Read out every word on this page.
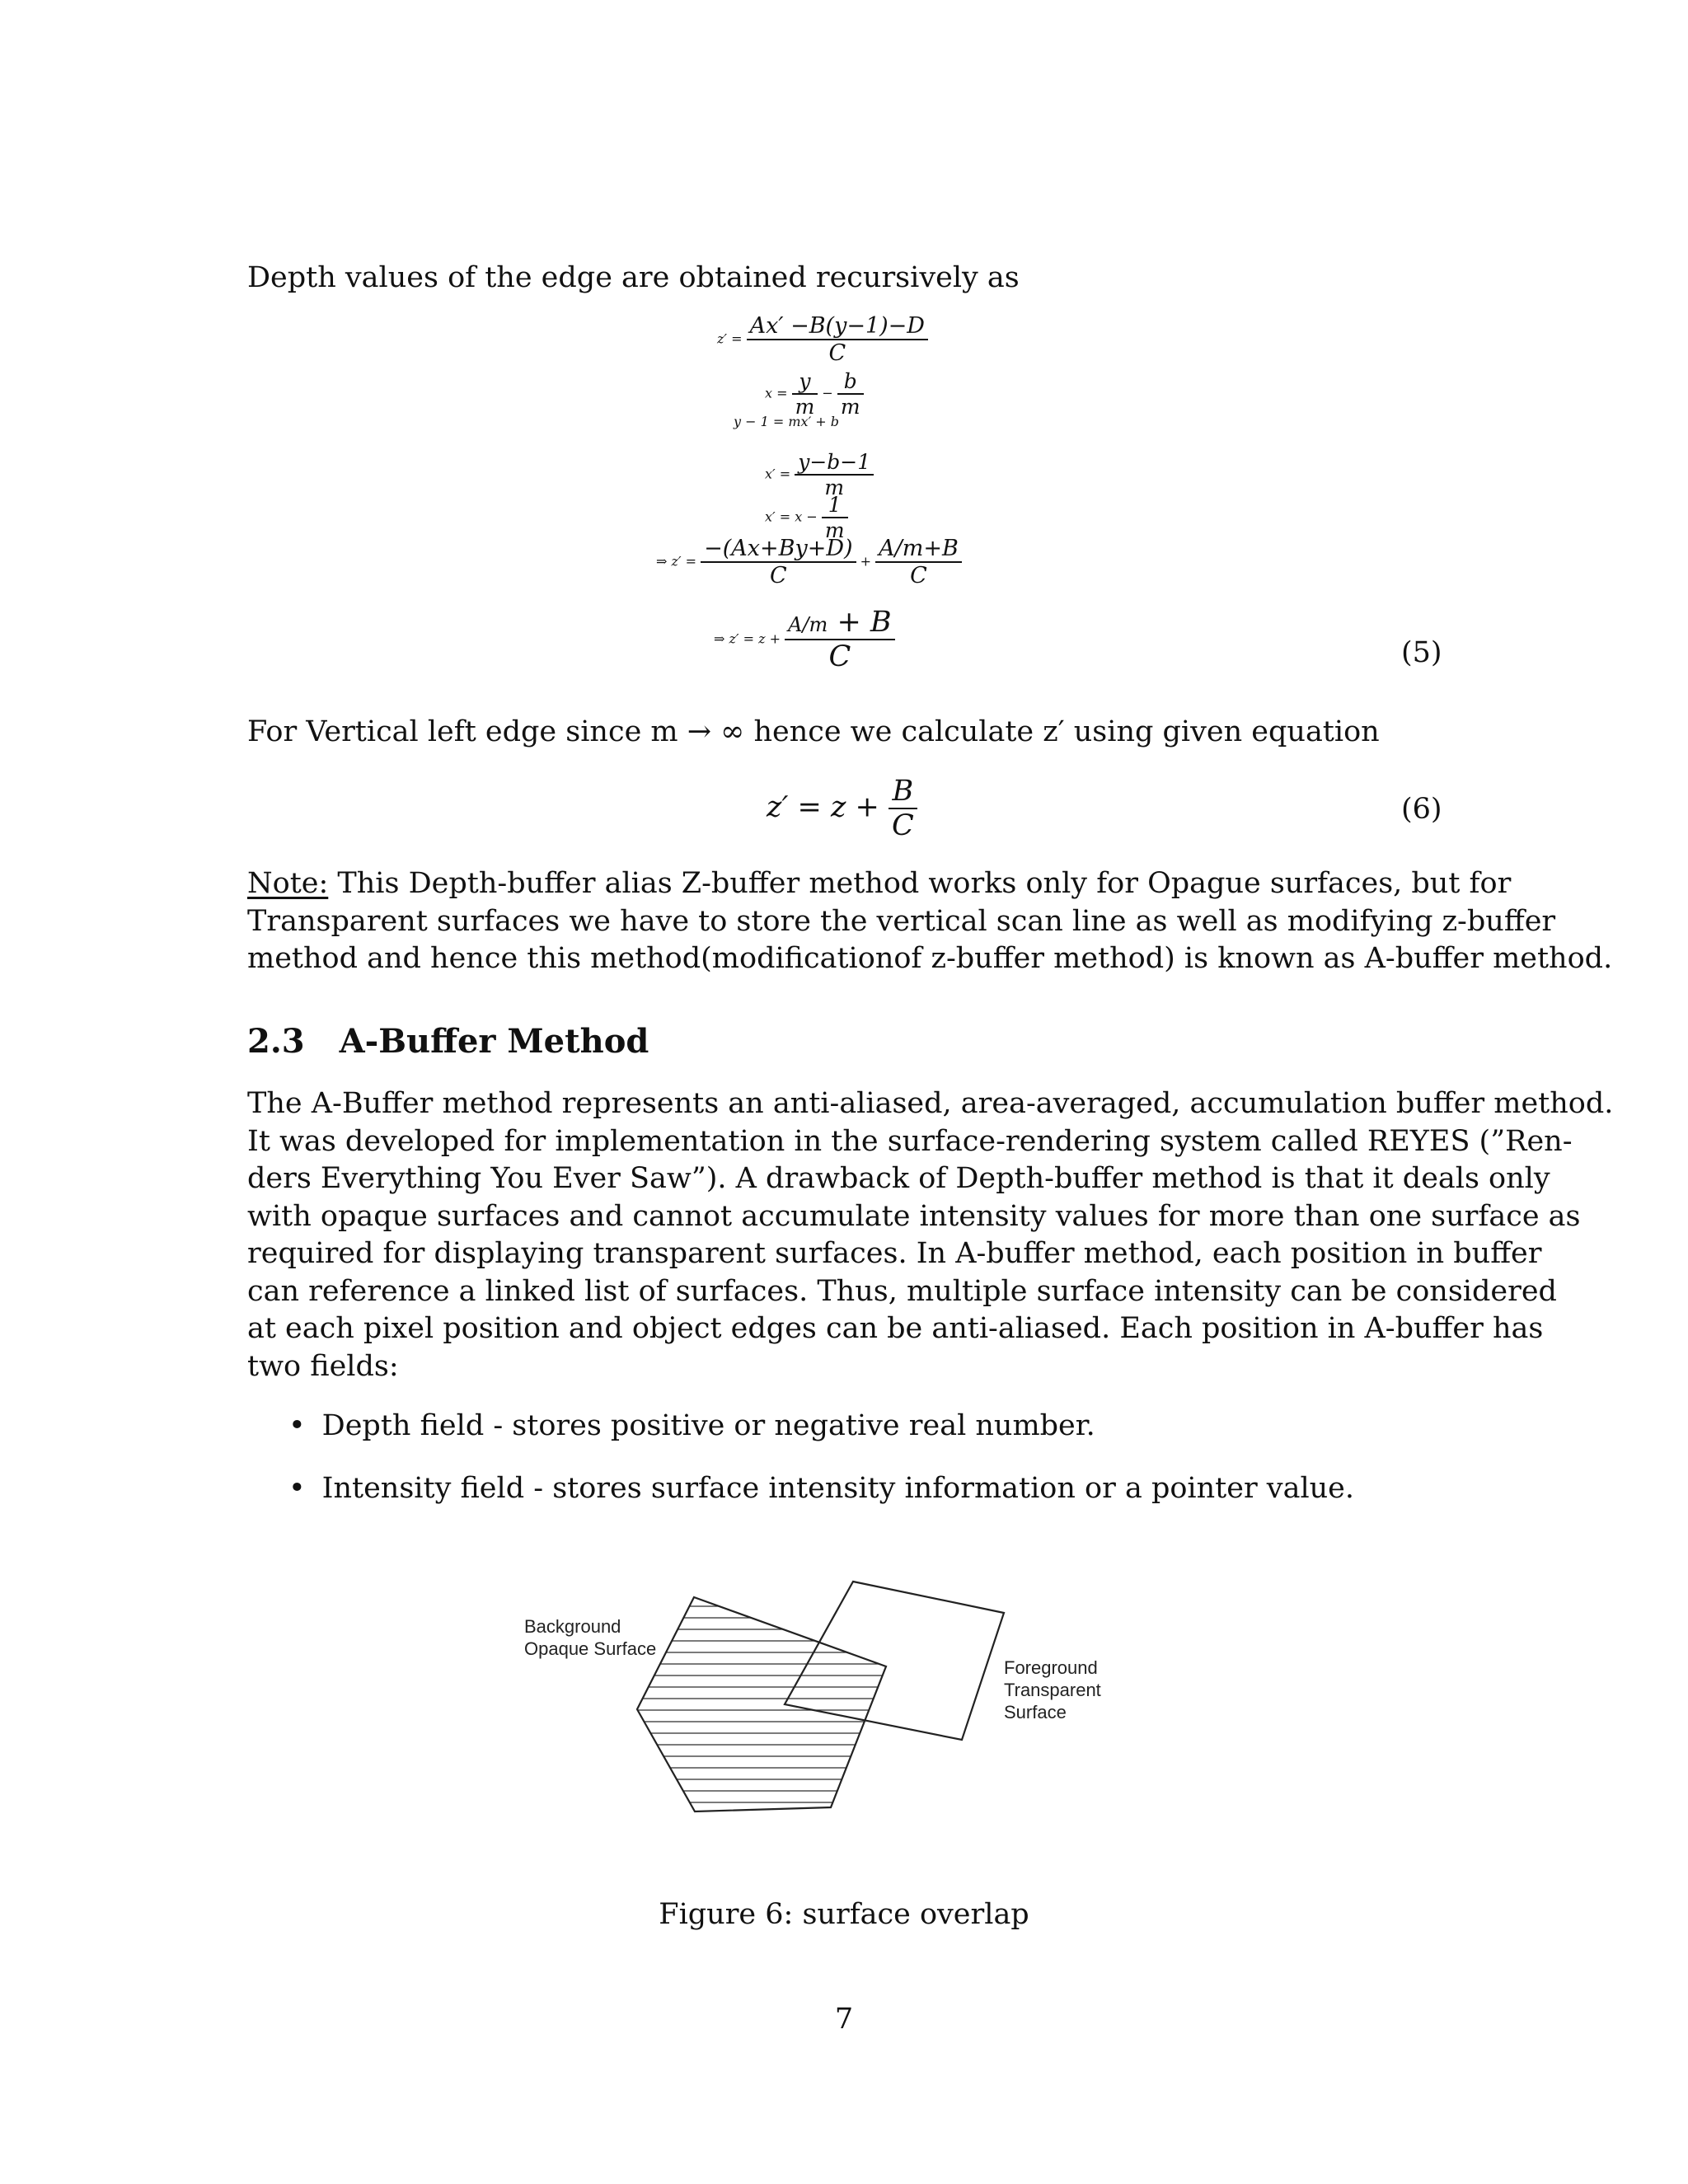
Depth values of the edge are obtained recursively as
$z' = \frac{Ax' -B(y-1)-D}{C}$
$x = \frac{y}{m} - \frac{b}{m}$
y − 1 = mx′ + b
$x' = \frac{y-b-1}{m}$
$x' = x - \frac{1}{m}$
⇒ $z' = \frac{-(Ax+By+D)}{C} + \frac{A/m+B}{C}$
⇒ $z' = z + \frac{A/m + B}{C}$	(5)
For Vertical left edge since m → ∞ hence we calculate z′ using given equation
$z' = z + \frac{B}{C}$	(6)
Note: This Depth-buffer alias Z-buffer method works only for Opague surfaces, but for
Transparent surfaces we have to store the vertical scan line as well as modifying z-buffer
method and hence this method(modificationof z-buffer method) is known as A-buffer method.
2.3 A-Buffer Method
The A-Buffer method represents an anti-aliased, area-averaged, accumulation buffer method.
It was developed for implementation in the surface-rendering system called REYES (”Ren-
ders Everything You Ever Saw”). A drawback of Depth-buffer method is that it deals only
with opaque surfaces and cannot accumulate intensity values for more than one surface as
required for displaying transparent surfaces. In A-buffer method, each position in buffer
can reference a linked list of surfaces. Thus, multiple surface intensity can be considered
at each pixel position and object edges can be anti-aliased. Each position in A-buffer has
two fields:
• Depth field - stores positive or negative real number.
• Intensity field - stores surface intensity information or a pointer value.
Background
Opaque Surface
Foreground
Transparent
Surface
Figure 6: surface overlap
7
